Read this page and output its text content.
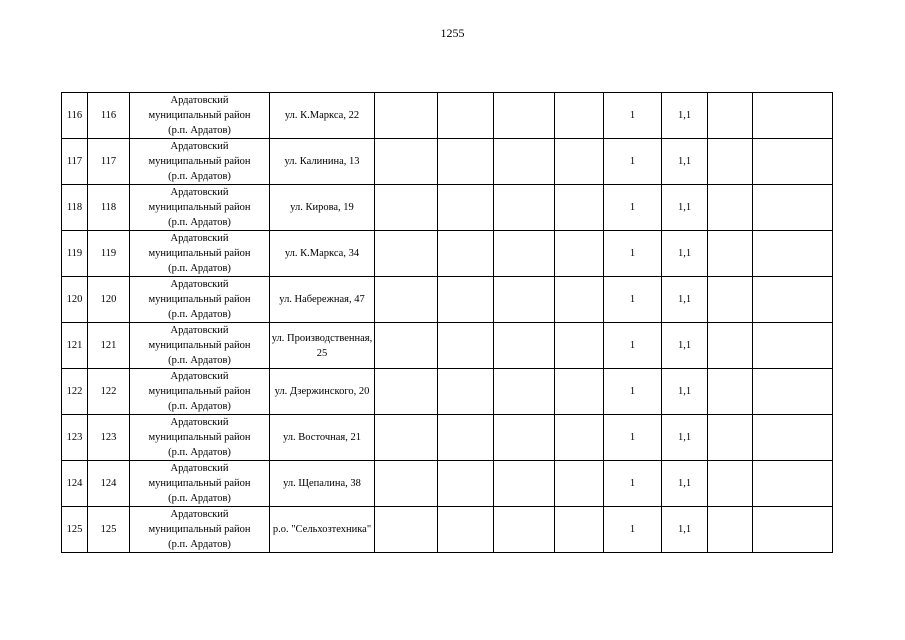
1255
116	116	Ардатовский
муниципальный район
(р.п. Ардатов)	ул. К.Маркса, 22					1	1,1		
117	117	Ардатовский
муниципальный район
(р.п. Ардатов)	ул. Калинина, 13					1	1,1		
118	118	Ардатовский
муниципальный район
(р.п. Ардатов)	ул. Кирова, 19					1	1,1		
119	119	Ардатовский
муниципальный район
(р.п. Ардатов)	ул. К.Маркса, 34					1	1,1		
120	120	Ардатовский
муниципальный район
(р.п. Ардатов)	ул. Набережная, 47					1	1,1		
121	121	Ардатовский
муниципальный район
(р.п. Ардатов)	ул. Производственная, 25					1	1,1		
122	122	Ардатовский
муниципальный район
(р.п. Ардатов)	ул. Дзержинского, 20					1	1,1		
123	123	Ардатовский
муниципальный район
(р.п. Ардатов)	ул. Восточная, 21					1	1,1		
124	124	Ардатовский
муниципальный район
(р.п. Ардатов)	ул. Щепалина, 38					1	1,1		
125	125	Ардатовский
муниципальный район
(р.п. Ардатов)	р.о. "Сельхозтехника"					1	1,1		
